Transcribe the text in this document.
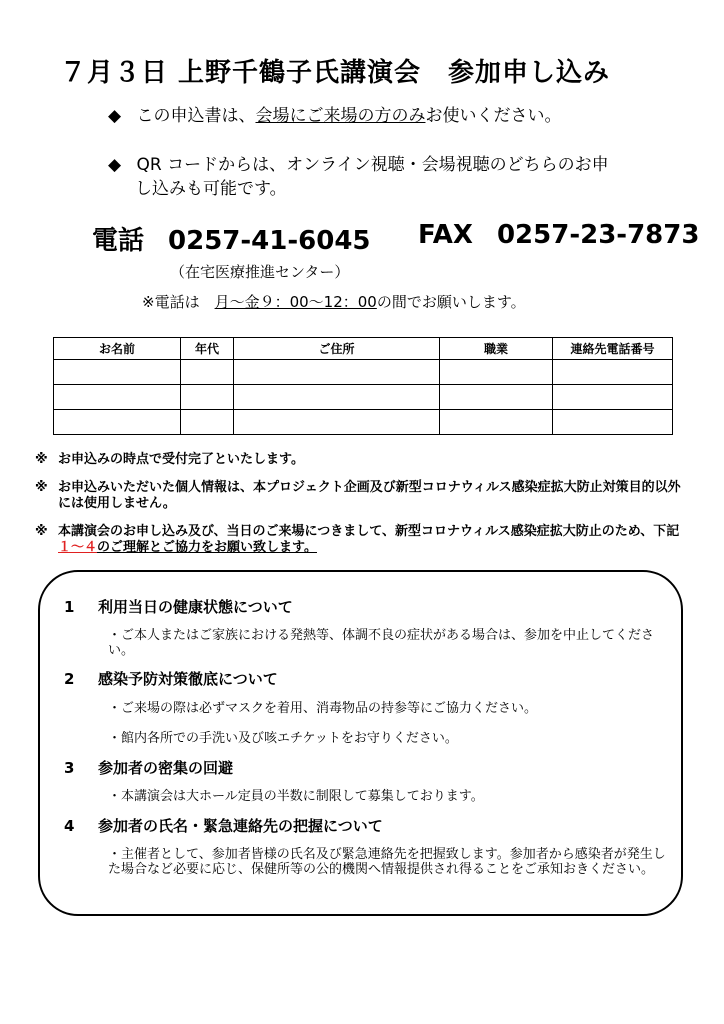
７月３日 上野千鶴子氏講演会　参加申し込み
◆ この申込書は、会場にご来場の方のみお使いください。
◆ QR コードからは、オンライン視聴・会場視聴のどちらのお申
し込みも可能です。
電話 0257-41-6045 FAX 0257-23-7873
（在宅医療推進センター）
※電話は　月～金９：00～12：00の間でお願いします。
お名前	年代	ご住所	職業	連絡先電話番号

※ お申込みの時点で受付完了といたします。
※ お申込みいただいた個人情報は、本プロジェクト企画及び新型コロナウィルス感染症拡大防止対策目的以外には使用しません。
※ 本講演会のお申し込み及び、当日のご来場につきまして、新型コロナウィルス感染症拡大防止のため、下記１～４のご理解とご協力をお願い致します。
1 利用当日の健康状態について
・ご本人またはご家族における発熱等、体調不良の症状がある場合は、参加を中止してください。
2 感染予防対策徹底について
・ご来場の際は必ずマスクを着用、消毒物品の持参等にご協力ください。
・館内各所での手洗い及び咳エチケットをお守りください。
3 参加者の密集の回避
・本講演会は大ホール定員の半数に制限して募集しております。
4 参加者の氏名・緊急連絡先の把握について
・主催者として、参加者皆様の氏名及び緊急連絡先を把握致します。参加者から感染者が発生した場合など必要に応じ、保健所等の公的機関へ情報提供され得ることをご承知おきください。
